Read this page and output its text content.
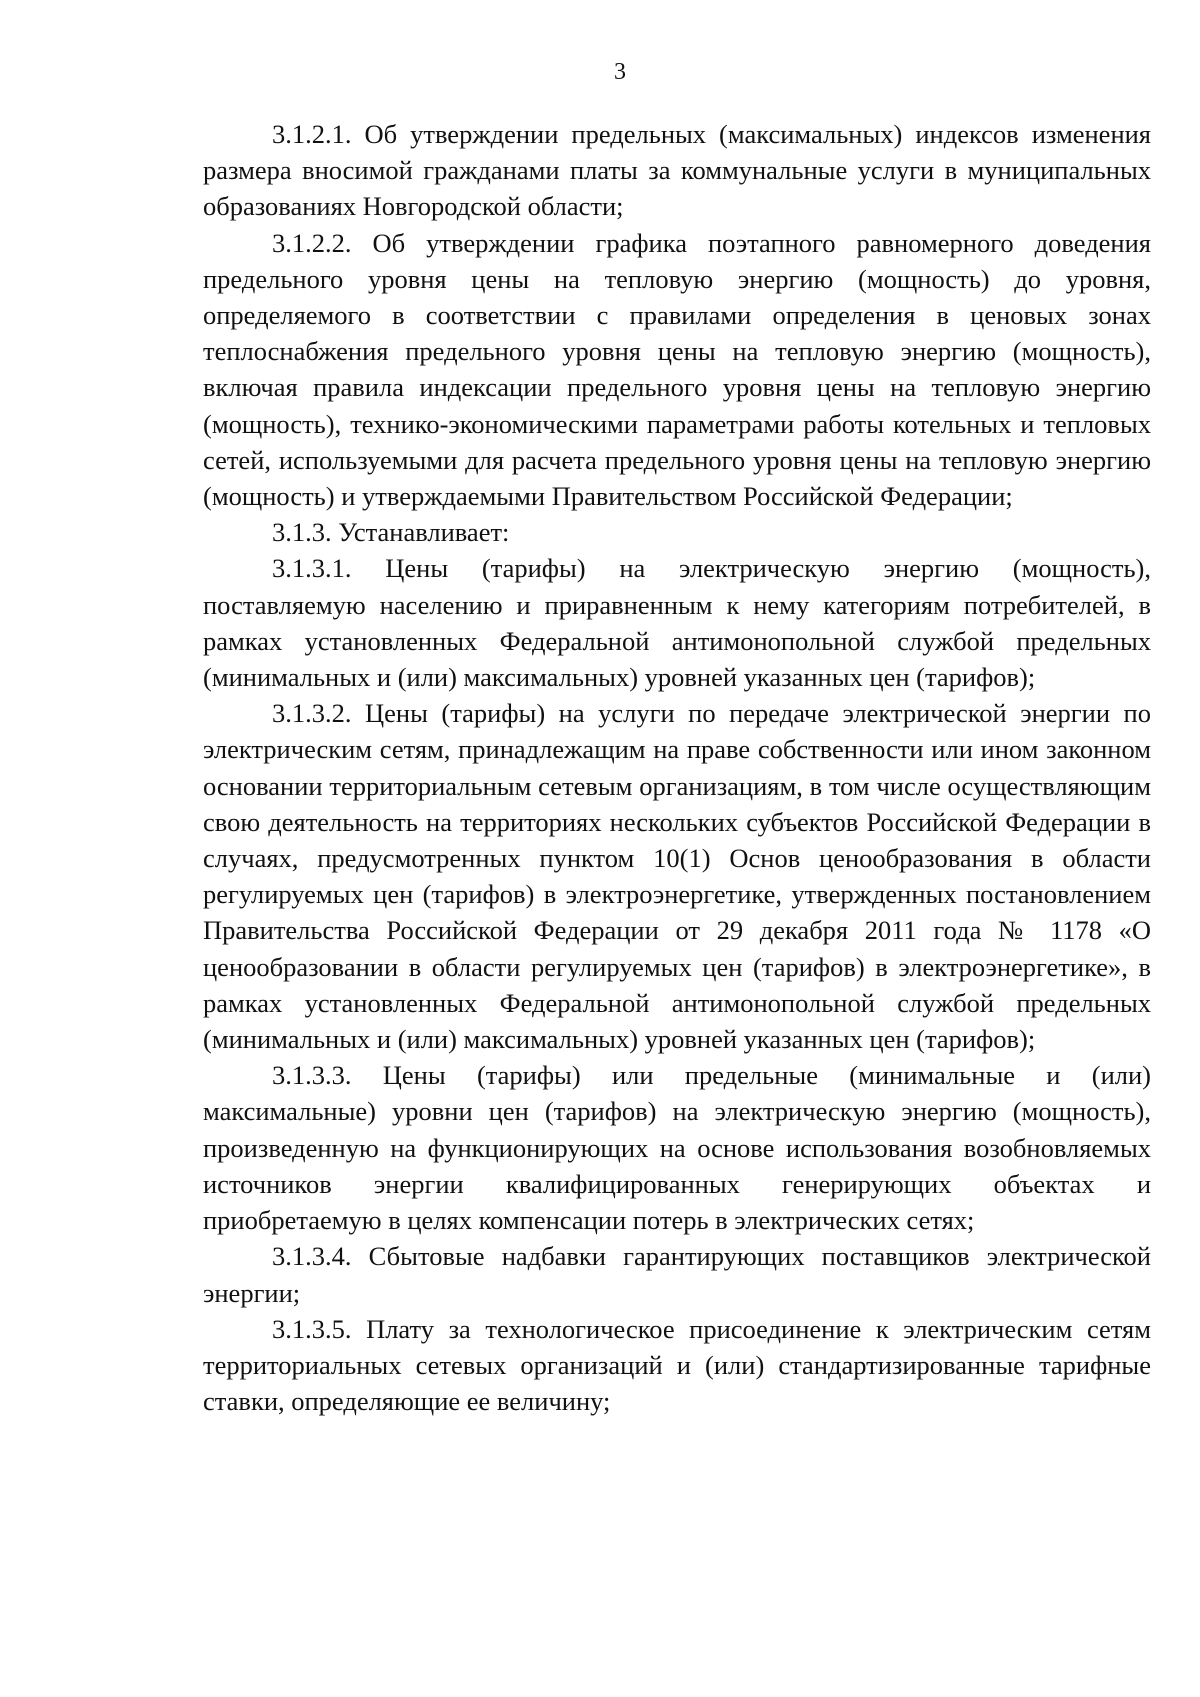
3

3.1.2.1. Об утверждении предельных (максимальных) индексов изменения размера вносимой гражданами платы за коммунальные услуги в муниципальных образованиях Новгородской области;

3.1.2.2. Об утверждении графика поэтапного равномерного доведения предельного уровня цены на тепловую энергию (мощность) до уровня, определяемого в соответствии с правилами определения в ценовых зонах теплоснабжения предельного уровня цены на тепловую энергию (мощность), включая правила индексации предельного уровня цены на тепловую энергию (мощность), технико-экономическими параметрами работы котельных и тепловых сетей, используемыми для расчета предельного уровня цены на тепловую энергию (мощность) и утверждаемыми Правительством Российской Федерации;

3.1.3. Устанавливает:

3.1.3.1. Цены (тарифы) на электрическую энергию (мощность), поставляемую населению и приравненным к нему категориям потребителей, в рамках установленных Федеральной антимонопольной службой предельных (минимальных и (или) максимальных) уровней указанных цен (тарифов);

3.1.3.2. Цены (тарифы) на услуги по передаче электрической энергии по электрическим сетям, принадлежащим на праве собственности или ином законном основании территориальным сетевым организациям, в том числе осуществляющим свою деятельность на территориях нескольких субъектов Российской Федерации в случаях, предусмотренных пунктом 10(1) Основ ценообразования в области регулируемых цен (тарифов) в электроэнергетике, утвержденных постановлением Правительства Российской Федерации от 29 декабря 2011 года № 1178 «О ценообразовании в области регулируемых цен (тарифов) в электроэнергетике», в рамках установленных Федеральной антимонопольной службой предельных (минимальных и (или) максимальных) уровней указанных цен (тарифов);

3.1.3.3. Цены (тарифы) или предельные (минимальные и (или) максимальные) уровни цен (тарифов) на электрическую энергию (мощность), произведенную на функционирующих на основе использования возобновляемых источников энергии квалифицированных генерирующих объектах и приобретаемую в целях компенсации потерь в электрических сетях;

3.1.3.4. Сбытовые надбавки гарантирующих поставщиков электрической энергии;

3.1.3.5. Плату за технологическое присоединение к электрическим сетям территориальных сетевых организаций и (или) стандартизированные тарифные ставки, определяющие ее величину;
